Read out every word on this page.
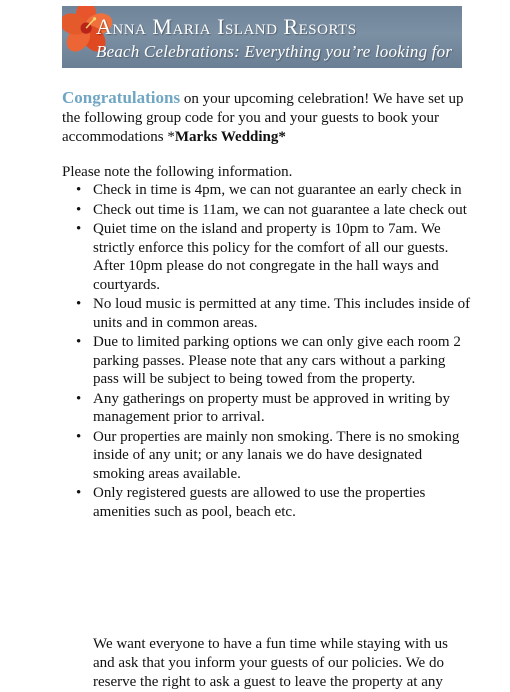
Anna Maria Island Resorts
Beach Celebrations: Everything you’re looking for

Congratulations on your upcoming celebration! We have set up the following group code for you and your guests to book your accommodations *Marks Wedding*

Please note the following information.

• Check in time is 4pm, we can not guarantee an early check in
• Check out time is 11am, we can not guarantee a late check out
• Quiet time on the island and property is 10pm to 7am. We strictly enforce this policy for the comfort of all our guests. After 10pm please do not congregate in the hall ways and courtyards.
• No loud music is permitted at any time. This includes inside of units and in common areas.
• Due to limited parking options we can only give each room 2 parking passes. Please note that any cars without a parking pass will be subject to being towed from the property.
• Any gatherings on property must be approved in writing by management prior to arrival.
• Our properties are mainly non smoking. There is no smoking inside of any unit; or any lanais we do have designated smoking areas available.
• Only registered guests are allowed to use the properties amenities such as pool, beach etc.

We want everyone to have a fun time while staying with us and ask that you inform your guests of our policies. We do reserve the right to ask a guest to leave the property at any
